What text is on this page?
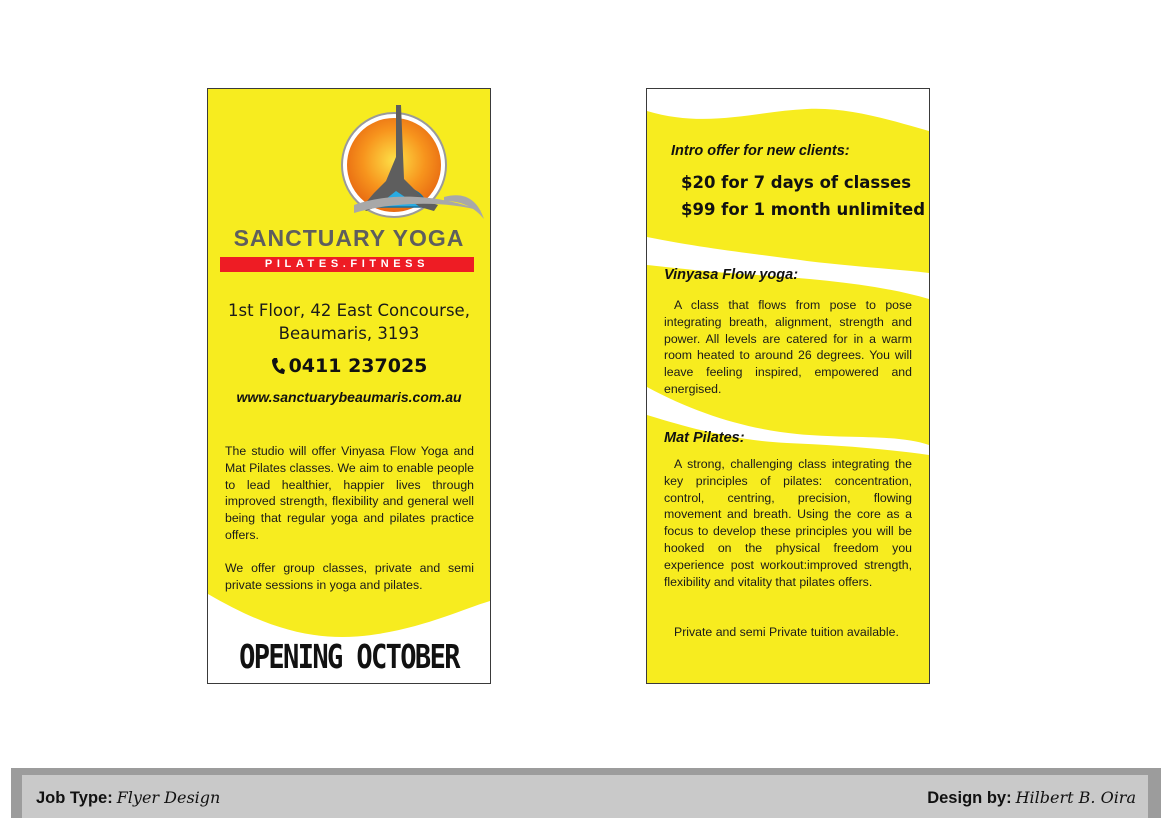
SANCTUARY YOGA
PILATES.FITNESS
1st Floor, 42 East Concourse,
Beaumaris, 3193
0411 237025
www.sanctuarybeaumaris.com.au

The studio will offer Vinyasa Flow Yoga and Mat Pilates classes. We aim to enable people to lead healthier, happier lives through improved strength, flexibility and general well being that regular yoga and pilates practice offers.

We offer group classes, private and semi private sessions in yoga and pilates.

OPENING OCTOBER
Intro offer for new clients:
$20 for 7 days of classes
$99 for 1 month unlimited
Vinyasa Flow yoga:

A class that flows from pose to pose integrating breath, alignment, strength and power. All levels are catered for in a warm room heated to around 26 degrees. You will leave feeling inspired, empowered and energised.

Mat Pilates:

A strong, challenging class integrating the key principles of pilates: concentration, control, centring, precision, flowing movement and breath. Using the core as a focus to develop these principles you will be hooked on the physical freedom you experience post workout:improved strength, flexibility and vitality that pilates offers.

Private and semi Private tuition available.

Job Type: Flyer Design	Design by: Hilbert B. Oira
